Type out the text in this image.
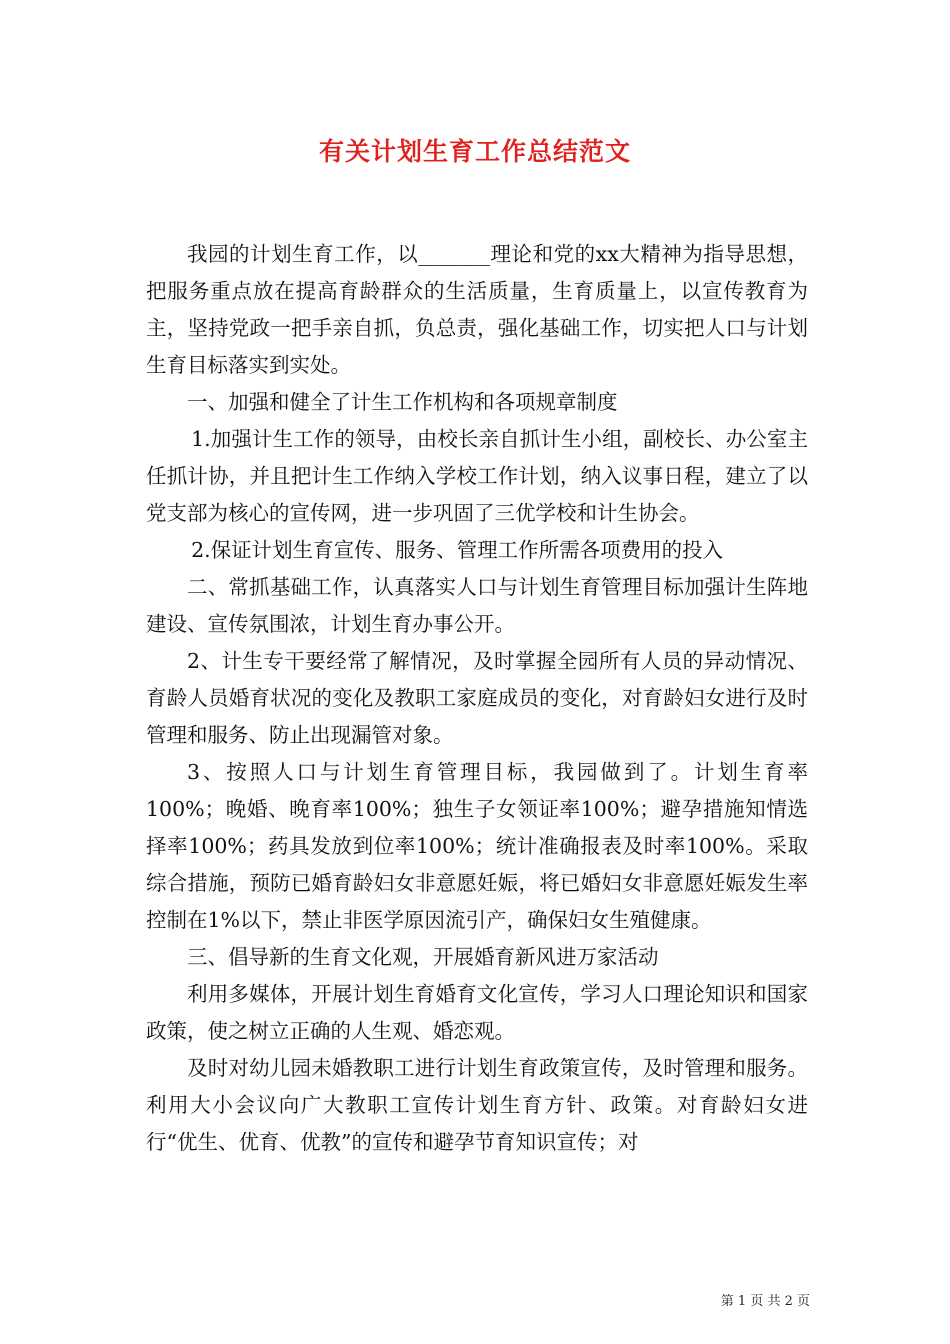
有关计划生育工作总结范文

我园的计划生育工作，以_______理论和党的xx大精神为指导思想，把服务重点放在提高育龄群众的生活质量，生育质量上，以宣传教育为主，坚持党政一把手亲自抓，负总责，强化基础工作，切实把人口与计划生育目标落实到实处。

一、加强和健全了计生工作机构和各项规章制度

1.加强计生工作的领导，由校长亲自抓计生小组，副校长、办公室主任抓计协，并且把计生工作纳入学校工作计划，纳入议事日程，建立了以党支部为核心的宣传网，进一步巩固了三优学校和计生协会。

2.保证计划生育宣传、服务、管理工作所需各项费用的投入

二、常抓基础工作，认真落实人口与计划生育管理目标加强计生阵地建设、宣传氛围浓，计划生育办事公开。

2、计生专干要经常了解情况，及时掌握全园所有人员的异动情况、育龄人员婚育状况的变化及教职工家庭成员的变化，对育龄妇女进行及时管理和服务、防止出现漏管对象。

3、按照人口与计划生育管理目标，我园做到了。计划生育率100%；晚婚、晚育率100%；独生子女领证率100%；避孕措施知情选择率100%；药具发放到位率100%；统计准确报表及时率100%。采取综合措施，预防已婚育龄妇女非意愿妊娠，将已婚妇女非意愿妊娠发生率控制在1%以下，禁止非医学原因流引产，确保妇女生殖健康。

三、倡导新的生育文化观，开展婚育新风进万家活动

利用多媒体，开展计划生育婚育文化宣传，学习人口理论知识和国家政策，使之树立正确的人生观、婚恋观。

及时对幼儿园未婚教职工进行计划生育政策宣传，及时管理和服务。利用大小会议向广大教职工宣传计划生育方针、政策。对育龄妇女进行“优生、优育、优教”的宣传和避孕节育知识宣传；对

第 1 页 共 2 页
